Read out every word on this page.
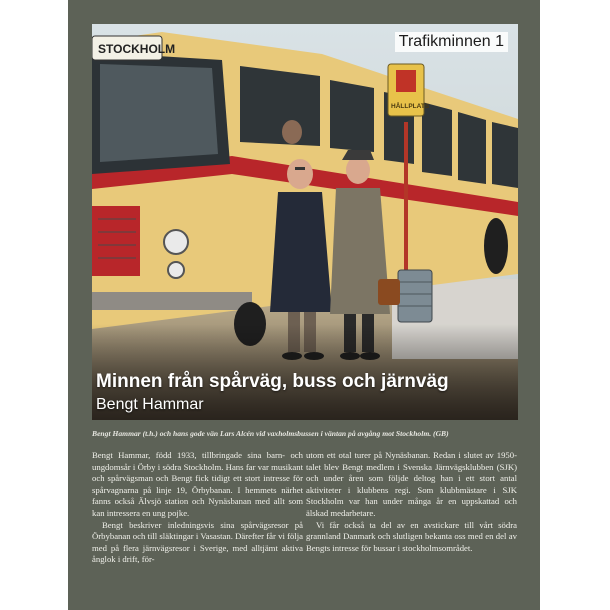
STOCKHOLM
HÅLLPLATS
Trafikminnen 1
Minnen från spårväg, buss och järnväg
Bengt Hammar
Bengt Hammar (t.h.) och hans gode vän Lars Alcén vid vaxholmsbussen i väntan på avgång mot Stockholm. (GB)

Bengt Hammar, född 1933, tillbringade sina barn- och ungdomsår i Örby i södra Stockholm. Hans far var musikant och spårvägsman och Bengt fick tidigt ett stort intresse för spårvagnarna på linje 19, Örbybanan. I hemmets närhet fanns också Älvsjö station och Nynäsbanan med allt som kan intressera en ung pojke.

Bengt beskriver inledningsvis sina spårvägsresor på Örbybanan och till släktingar i Vasastan. Därefter får vi följa med på flera järnvägsresor i Sverige, med alltjämt aktiva ånglok i drift, för-

utom ett otal turer på Nynäsbanan. Redan i slutet av 1950-talet blev Bengt medlem i Svenska Järnvägsklubben (SJK) och under åren som följde deltog han i ett stort antal aktiviteter i klubbens regi. Som klubbmästare i SJK Stockholm var han under många år en uppskattad och älskad medarbetare.

Vi får också ta del av en avstickare till vårt södra grannland Danmark och slutligen bekanta oss med en del av Bengts intresse för bussar i stockholmsområdet.
